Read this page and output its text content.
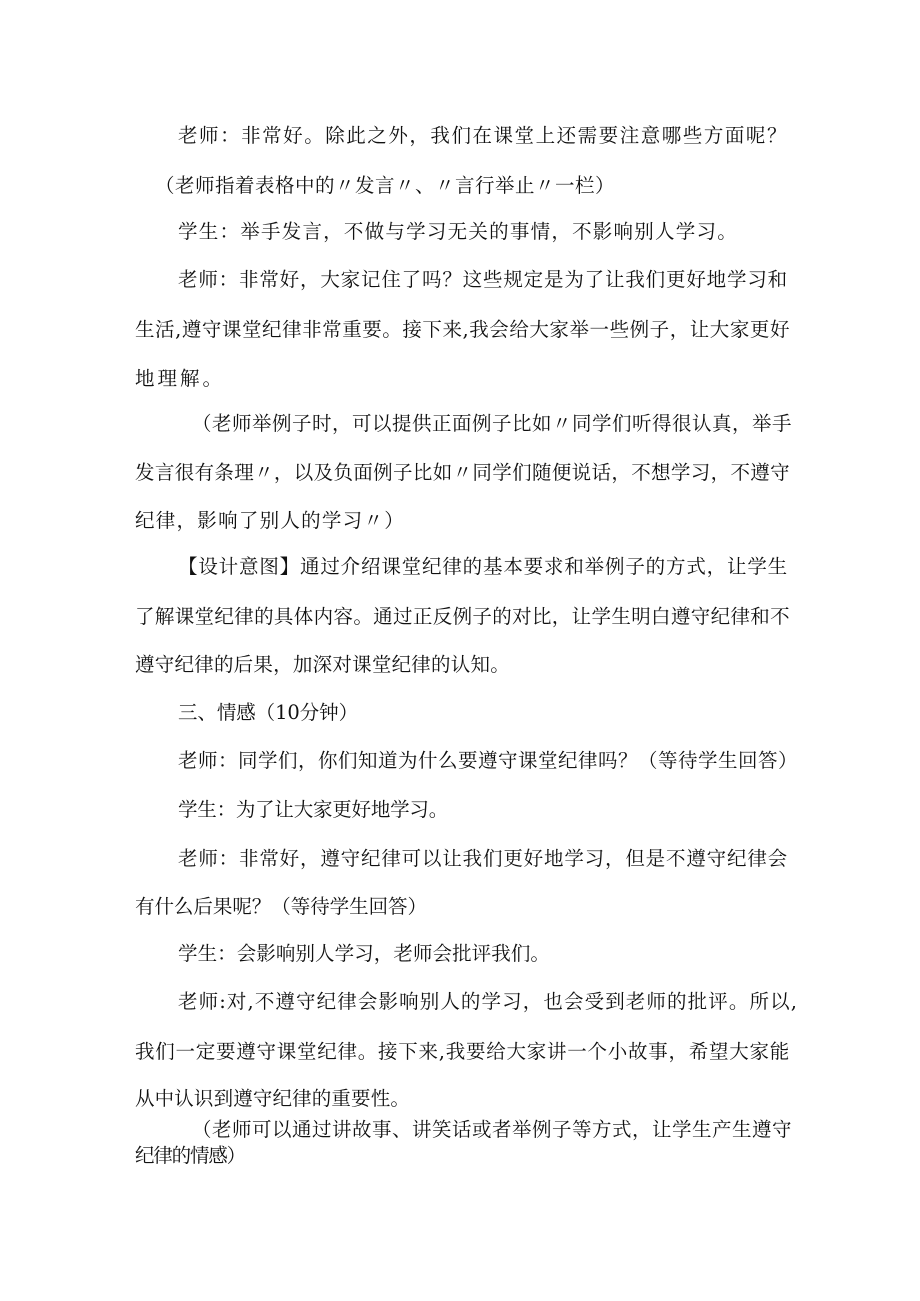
老师：非常好。除此之外，我们在课堂上还需要注意哪些方面呢？
（老师指着表格中的〃发言〃、〃言行举止〃一栏）
学生：举手发言，不做与学习无关的事情，不影响别人学习。
老师：非常好，大家记住了吗？这些规定是为了让我们更好地学习和
生活,遵守课堂纪律非常重要。接下来,我会给大家举一些例子，让大家更好
地理解。
（老师举例子时，可以提供正面例子比如〃同学们听得很认真，举手
发言很有条理〃，以及负面例子比如〃同学们随便说话，不想学习，不遵守
纪律，影响了别人的学习〃）
【设计意图】通过介绍课堂纪律的基本要求和举例子的方式，让学生
了解课堂纪律的具体内容。通过正反例子的对比，让学生明白遵守纪律和不
遵守纪律的后果，加深对课堂纪律的认知。
三、情感（10分钟）
老师：同学们，你们知道为什么要遵守课堂纪律吗？（等待学生回答）
学生：为了让大家更好地学习。
老师：非常好，遵守纪律可以让我们更好地学习，但是不遵守纪律会
有什么后果呢？（等待学生回答）
学生：会影响别人学习，老师会批评我们。
老师:对,不遵守纪律会影响别人的学习，也会受到老师的批评。所以,
我们一定要遵守课堂纪律。接下来,我要给大家讲一个小故事，希望大家能
从中认识到遵守纪律的重要性。
（老师可以通过讲故事、讲笑话或者举例子等方式，让学生产生遵守
纪律的情感）
